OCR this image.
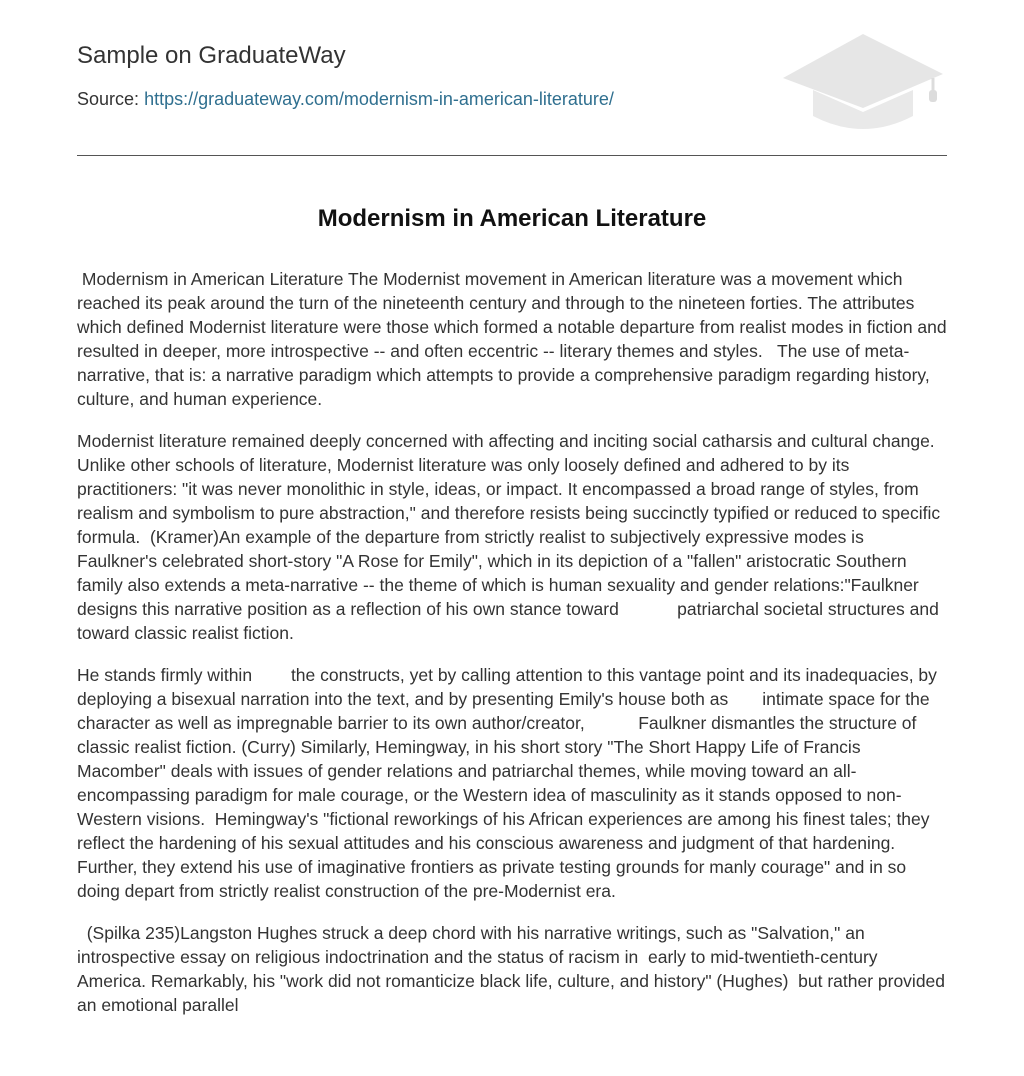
Sample on GraduateWay
Source: https://graduateway.com/modernism-in-american-literature/
Modernism in American Literature

Modernism in American Literature The Modernist movement in American literature was a movement which reached its peak around the turn of the nineteenth century and through to the nineteen forties. The attributes which defined Modernist literature were those which formed a notable departure from realist modes in fiction and resulted in deeper, more introspective -- and often eccentric -- literary themes and styles.   The use of meta-narrative, that is: a narrative paradigm which attempts to provide a comprehensive paradigm regarding history, culture, and human experience.

Modernist literature remained deeply concerned with affecting and inciting social catharsis and cultural change. Unlike other schools of literature, Modernist literature was only loosely defined and adhered to by its practitioners: "it was never monolithic in style, ideas, or impact. It encompassed a broad range of styles, from realism and symbolism to pure abstraction," and therefore resists being succinctly typified or reduced to specific formula.  (Kramer)An example of the departure from strictly realist to subjectively expressive modes is Faulkner's celebrated short-story "A Rose for Emily", which in its depiction of a "fallen" aristocratic Southern family also extends a meta-narrative -- the theme of which is human sexuality and gender relations:"Faulkner designs this narrative position as a reflection of his own stance toward            patriarchal societal structures and toward classic realist fiction.

He stands firmly within        the constructs, yet by calling attention to this vantage point and its inadequacies, by       deploying a bisexual narration into the text, and by presenting Emily's house both as       intimate space for the character as well as impregnable barrier to its own author/creator,           Faulkner dismantles the structure of classic realist fiction. (Curry) Similarly, Hemingway, in his short story "The Short Happy Life of Francis Macomber" deals with issues of gender relations and patriarchal themes, while moving toward an all-encompassing paradigm for male courage, or the Western idea of masculinity as it stands opposed to non-Western visions.  Hemingway's "fictional reworkings of his African experiences are among his finest tales; they reflect the hardening of his sexual attitudes and his conscious awareness and judgment of that hardening. Further, they extend his use of imaginative frontiers as private testing grounds for manly courage" and in so doing depart from strictly realist construction of the pre-Modernist era.

(Spilka 235)Langston Hughes struck a deep chord with his narrative writings, such as "Salvation," an introspective essay on religious indoctrination and the status of racism in  early to mid-twentieth-century America. Remarkably, his "work did not romanticize black life, culture, and history" (Hughes)  but rather provided an emotional parallel
